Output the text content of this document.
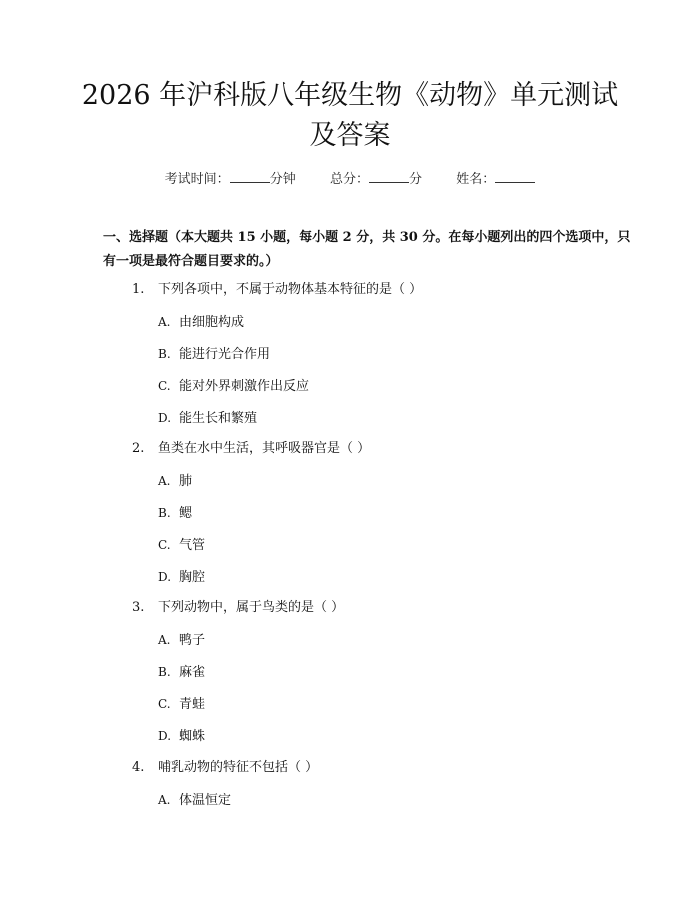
2026 年沪科版八年级生物《动物》单元测试
及答案
考试时间：	分钟	总分：	分	姓名：
一、选择题（本大题共 15 小题，每小题 2 分，共 30 分。在每小题列出的四个选项中，只有一项是最符合题目要求的。）
1. 下列各项中，不属于动物体基本特征的是（ ）
A. 由细胞构成
B. 能进行光合作用
C. 能对外界刺激作出反应
D. 能生长和繁殖
2. 鱼类在水中生活，其呼吸器官是（ ）
A. 肺
B. 鳃
C. 气管
D. 胸腔
3. 下列动物中，属于鸟类的是（ ）
A. 鸭子
B. 麻雀
C. 青蛙
D. 蜘蛛
4. 哺乳动物的特征不包括（ ）
A. 体温恒定
